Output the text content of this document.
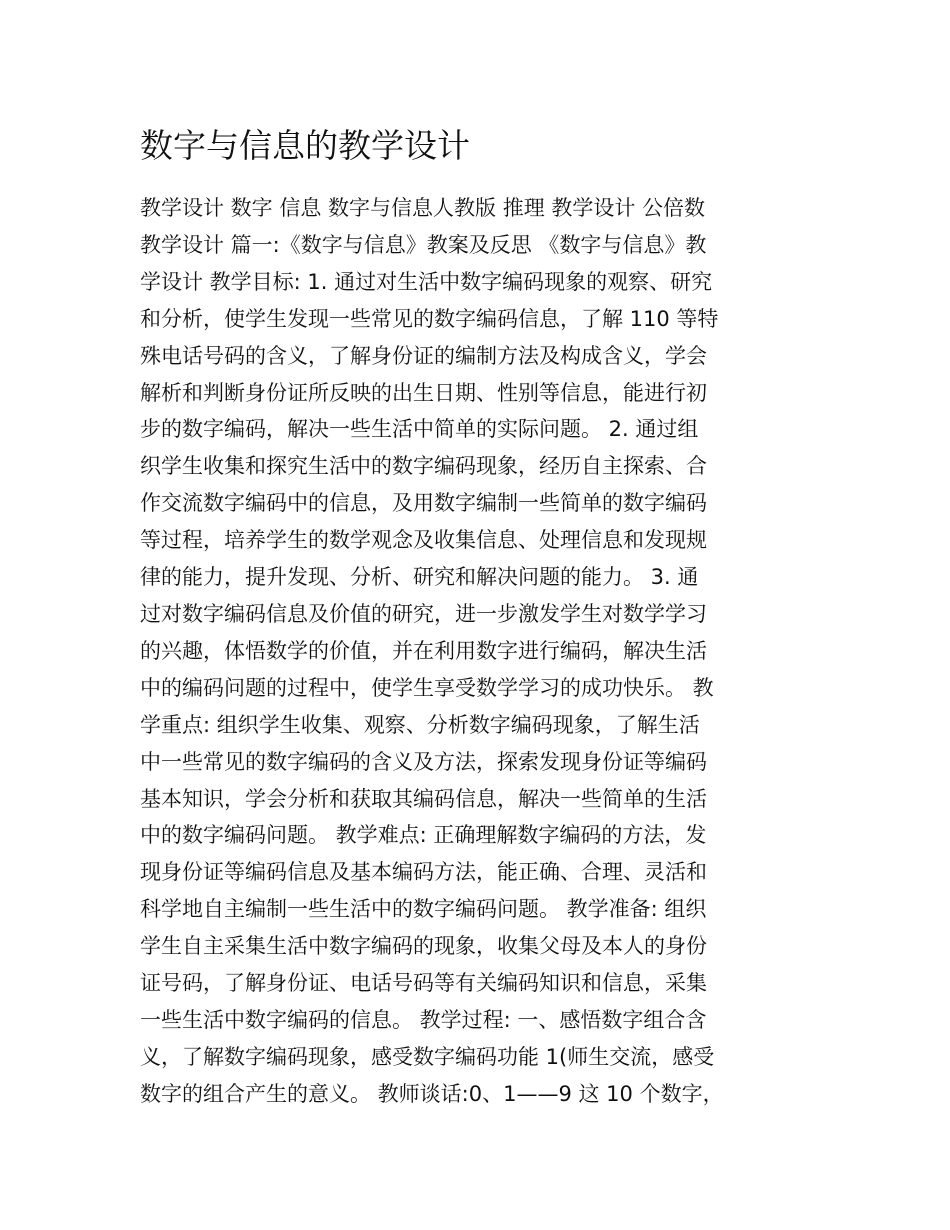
数字与信息的教学设计
教学设计 数字 信息 数字与信息人教版 推理 教学设计 公倍数
教学设计 篇一:《数字与信息》教案及反思 《数字与信息》教
学设计 教学目标: 1. 通过对生活中数字编码现象的观察、研究
和分析，使学生发现一些常见的数字编码信息，了解 110 等特
殊电话号码的含义，了解身份证的编制方法及构成含义，学会
解析和判断身份证所反映的出生日期、性别等信息，能进行初
步的数字编码，解决一些生活中简单的实际问题。 2. 通过组
织学生收集和探究生活中的数字编码现象，经历自主探索、合
作交流数字编码中的信息，及用数字编制一些简单的数字编码
等过程，培养学生的数学观念及收集信息、处理信息和发现规
律的能力，提升发现、分析、研究和解决问题的能力。 3. 通
过对数字编码信息及价值的研究，进一步激发学生对数学学习
的兴趣，体悟数学的价值，并在利用数字进行编码，解决生活
中的编码问题的过程中，使学生享受数学学习的成功快乐。 教
学重点: 组织学生收集、观察、分析数字编码现象，了解生活
中一些常见的数字编码的含义及方法，探索发现身份证等编码
基本知识，学会分析和获取其编码信息，解决一些简单的生活
中的数字编码问题。 教学难点: 正确理解数字编码的方法，发
现身份证等编码信息及基本编码方法，能正确、合理、灵活和
科学地自主编制一些生活中的数字编码问题。 教学准备: 组织
学生自主采集生活中数字编码的现象，收集父母及本人的身份
证号码，了解身份证、电话号码等有关编码知识和信息，采集
一些生活中数字编码的信息。 教学过程: 一、感悟数字组合含
义，了解数字编码现象，感受数字编码功能 1(师生交流，感受
数字的组合产生的意义。 教师谈话:0、1——9 这 10 个数字，
